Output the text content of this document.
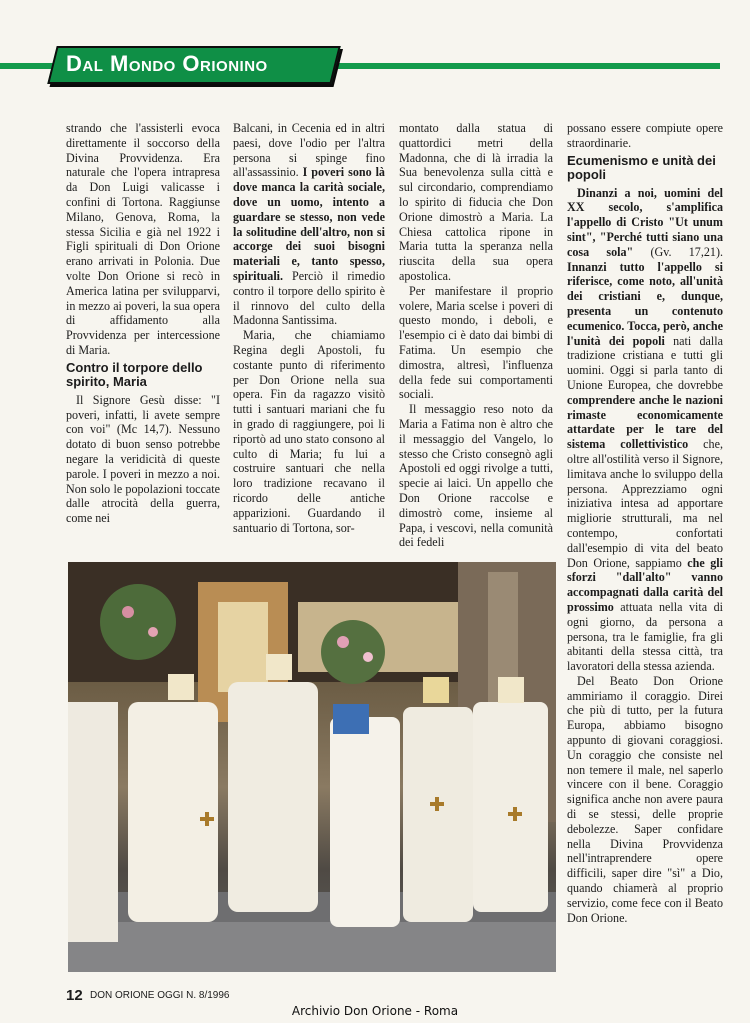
Dal Mondo Orionino

strando che l'assisterli evoca direttamente il soccorso della Divina Provvidenza. Era naturale che l'opera intrapresa da Don Luigi valicasse i confini di Tortona. Raggiunse Milano, Genova, Roma, la stessa Sicilia e già nel 1922 i Figli spirituali di Don Orione erano arrivati in Polonia. Due volte Don Orione si recò in America latina per svilupparvi, in mezzo ai poveri, la sua opera di affidamento alla Provvidenza per intercessione di Maria.

Contro il torpore dello spirito, Maria

Il Signore Gesù disse: "I poveri, infatti, li avete sempre con voi" (Mc 14,7). Nessuno dotato di buon senso potrebbe negare la veridicità di queste parole. I poveri in mezzo a noi. Non solo le popolazioni toccate dalle atrocità della guerra, come nei

Balcani, in Cecenia ed in altri paesi, dove l'odio per l'altra persona si spinge fino all'assassinio. I poveri sono là dove manca la carità sociale, dove un uomo, intento a guardare se stesso, non vede la solitudine dell'altro, non si accorge dei suoi bisogni materiali e, tanto spesso, spirituali. Perciò il rimedio contro il torpore dello spirito è il rinnovo del culto della Madonna Santissima.

Maria, che chiamiamo Regina degli Apostoli, fu costante punto di riferimento per Don Orione nella sua opera. Fin da ragazzo visitò tutti i santuari mariani che fu in grado di raggiungere, poi li riportò ad uno stato consono al culto di Maria; fu lui a costruire santuari che nella loro tradizione recavano il ricordo delle antiche apparizioni. Guardando il santuario di Tortona, sor-

montato dalla statua di quattordici metri della Madonna, che di là irradia la Sua benevolenza sulla città e sul circondario, comprendiamo lo spirito di fiducia che Don Orione dimostrò a Maria. La Chiesa cattolica ripone in Maria tutta la speranza nella riuscita della sua opera apostolica.

Per manifestare il proprio volere, Maria scelse i poveri di questo mondo, i deboli, e l'esempio ci è dato dai bimbi di Fatima. Un esempio che dimostra, altresì, l'influenza della fede sui comportamenti sociali.

Il messaggio reso noto da Maria a Fatima non è altro che il messaggio del Vangelo, lo stesso che Cristo consegnò agli Apostoli ed oggi rivolge a tutti, specie ai laici. Un appello che Don Orione raccolse e dimostrò come, insieme al Papa, i vescovi, nella comunità dei fedeli

possano essere compiute opere straordinarie.

Ecumenismo e unità dei popoli

Dinanzi a noi, uomini del XX secolo, s'amplifica l'appello di Cristo "Ut unum sint", "Perché tutti siano una cosa sola" (Gv. 17,21). Innanzi tutto l'appello si riferisce, come noto, all'unità dei cristiani e, dunque, presenta un contenuto ecumenico. Tocca, però, anche l'unità dei popoli nati dalla tradizione cristiana e tutti gli uomini. Oggi si parla tanto di Unione Europea, che dovrebbe comprendere anche le nazioni rimaste economicamente attardate per le tare del sistema collettivistico che, oltre all'ostilità verso il Signore, limitava anche lo sviluppo della persona. Apprezziamo ogni iniziativa intesa ad apportare migliorie strutturali, ma nel contempo, confortati dall'esempio di vita del beato Don Orione, sappiamo che gli sforzi "dall'alto" vanno accompagnati dalla carità del prossimo attuata nella vita di ogni giorno, da persona a persona, tra le famiglie, fra gli abitanti della stessa città, tra lavoratori della stessa azienda.

Del Beato Don Orione ammiriamo il coraggio. Direi che più di tutto, per la futura Europa, abbiamo bisogno appunto di giovani coraggiosi. Un coraggio che consiste nel non temere il male, nel saperlo vincere con il bene. Coraggio significa anche non avere paura di se stessi, delle proprie debolezze. Saper confidare nella Divina Provvidenza nell'intraprendere opere difficili, saper dire "sì" a Dio, quando chiamerà al proprio servizio, come fece con il Beato Don Orione.

12 DON ORIONE OGGI N. 8/1996
Archivio Don Orione - Roma
